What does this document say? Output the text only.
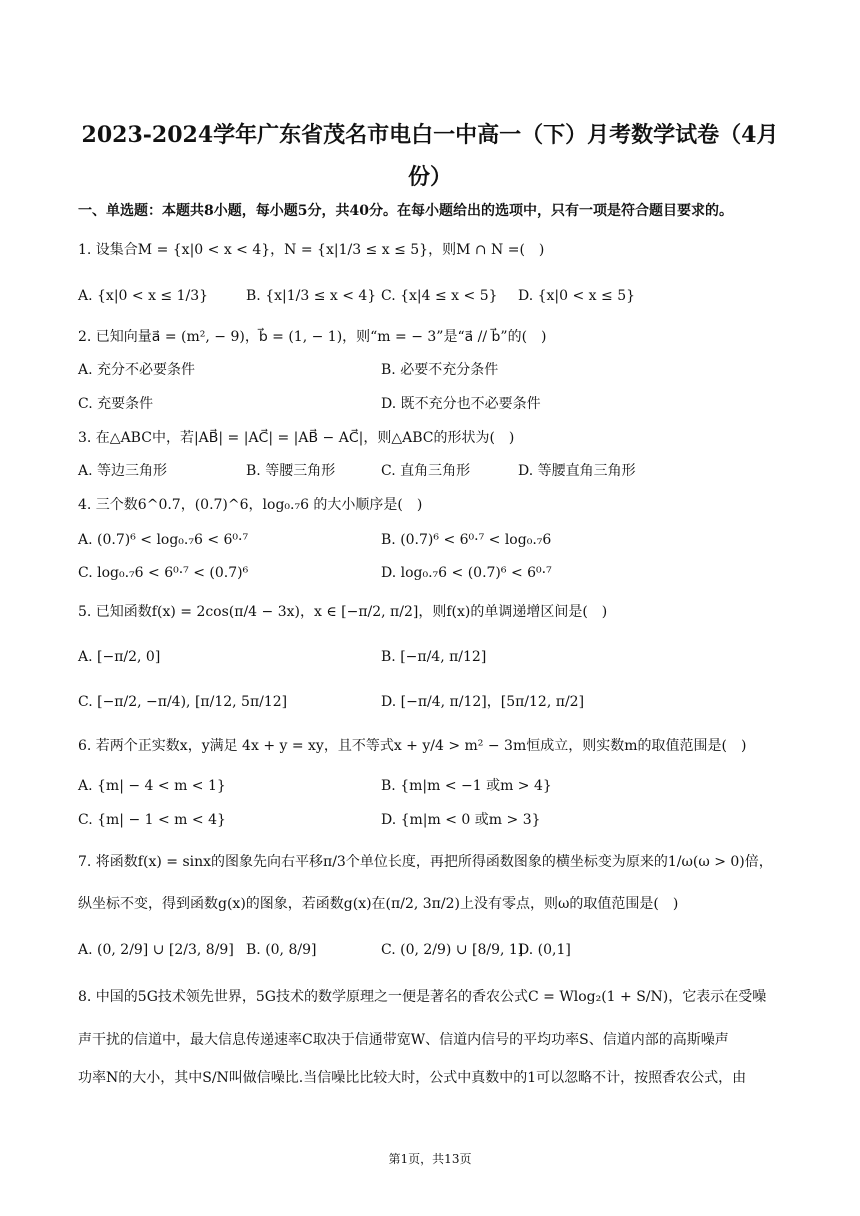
2023-2024学年广东省茂名市电白一中高一（下）月考数学试卷（4月
份）
一、单选题：本题共8小题，每小题5分，共40分。在每小题给出的选项中，只有一项是符合题目要求的。
1. 设集合M = {x|0 < x < 4}，N = {x|1/3 ≤ x ≤ 5}，则M ∩ N =(　)
A. {x|0 < x ≤ 1/3}	B. {x|1/3 ≤ x < 4} C. {x|4 ≤ x < 5} D. {x|0 < x ≤ 5}
2. 已知向量a⃗ = (m², − 9)，b⃗ = (1, − 1)，则“m = − 3”是“a⃗ // b⃗”的(　)
A. 充分不必要条件	B. 必要不充分条件
C. 充要条件	D. 既不充分也不必要条件
3. 在△ABC中，若|AB⃗| = |AC⃗| = |AB⃗ − AC⃗|，则△ABC的形状为(　)
A. 等边三角形	B. 等腰三角形	C. 直角三角形	D. 等腰直角三角形
4. 三个数6^0.7，(0.7)^6，log₀.₇6 的大小顺序是(　)
A. (0.7)⁶ < log₀.₇6 < 6⁰·⁷	B. (0.7)⁶ < 6⁰·⁷ < log₀.₇6
C. log₀.₇6 < 6⁰·⁷ < (0.7)⁶	D. log₀.₇6 < (0.7)⁶ < 6⁰·⁷
5. 已知函数f(x) = 2cos(π/4 − 3x)，x ∈ [−π/2, π/2]，则f(x)的单调递增区间是(　)
A. [−π/2, 0]	B. [−π/4, π/12]
C. [−π/2, −π/4), [π/12, 5π/12]	D. [−π/4, π/12]，[5π/12, π/2]
6. 若两个正实数x，y满足 4x + y = xy，且不等式x + y/4 > m² − 3m恒成立，则实数m的取值范围是(　)
A. {m| − 4 < m < 1}	B. {m|m < −1 或m > 4}
C. {m| − 1 < m < 4}	D. {m|m < 0 或m > 3}
7. 将函数f(x) = sinx的图象先向右平移π/3个单位长度，再把所得函数图象的横坐标变为原来的1/ω(ω > 0)倍，
纵坐标不变，得到函数g(x)的图象，若函数g(x)在(π/2, 3π/2)上没有零点，则ω的取值范围是(　)
A. (0, 2/9] ∪ [2/3, 8/9] B. (0, 8/9]	C. (0, 2/9) ∪ [8/9, 1]
D. (0,1]
8. 中国的5G技术领先世界，5G技术的数学原理之一便是著名的香农公式C = Wlog₂(1 + S/N)，它表示在受噪
声干扰的信道中，最大信息传递速率C取决于信通带宽W、信道内信号的平均功率S、信道内部的高斯噪声
功率N的大小，其中S/N叫做信噪比.当信噪比比较大时，公式中真数中的1可以忽略不计，按照香农公式，由
第1页，共13页
